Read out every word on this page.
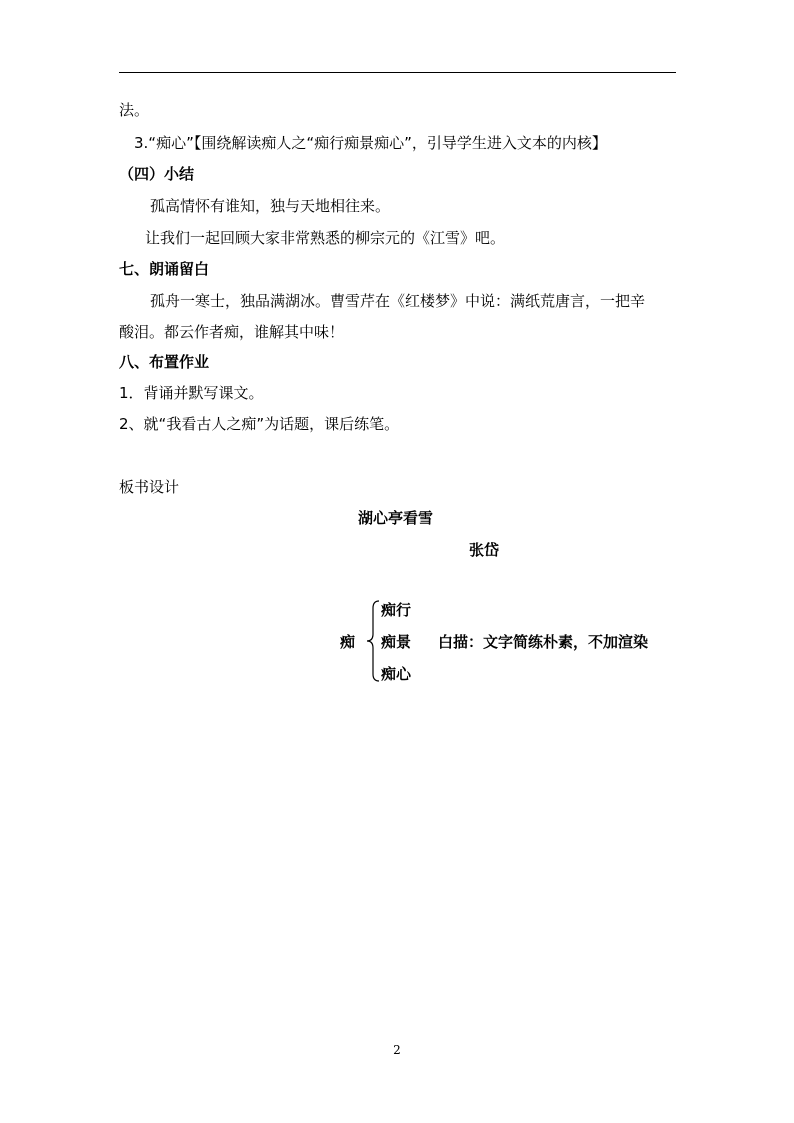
法。
3.“痴心”【围绕解读痴人之“痴行痴景痴心”，引导学生进入文本的内核】
（四）小结
孤高情怀有谁知，独与天地相往来。
让我们一起回顾大家非常熟悉的柳宗元的《江雪》吧。
七、朗诵留白
孤舟一寒士，独品满湖冰。曹雪芹在《红楼梦》中说：满纸荒唐言，一把辛
酸泪。都云作者痴，谁解其中味！
八、布置作业
1．背诵并默写课文。
2、就“我看古人之痴”为话题，课后练笔。
板书设计
湖心亭看雪
张岱
痴
痴行
痴景
痴心
白描：文字简练朴素，不加渲染
2
